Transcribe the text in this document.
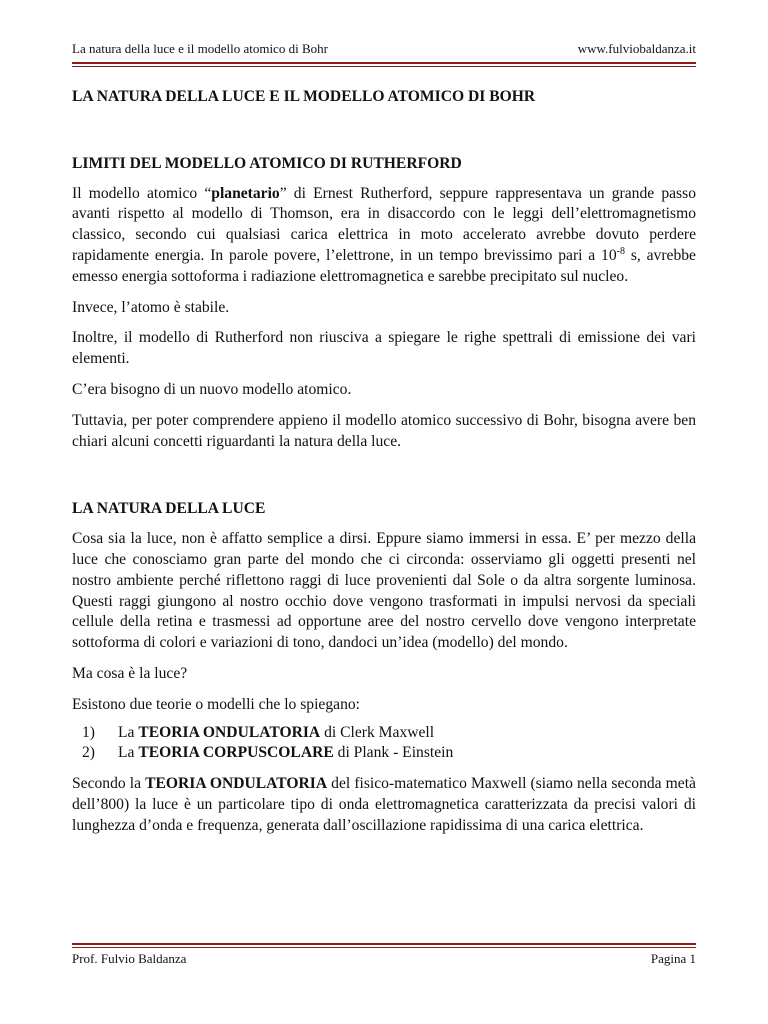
La natura della luce e il modello atomico di Bohr	www.fulviobaldanza.it

LA NATURA DELLA LUCE E IL MODELLO ATOMICO DI BOHR

LIMITI DEL MODELLO ATOMICO DI RUTHERFORD

Il modello atomico “planetario” di Ernest Rutherford, seppure rappresentava un grande passo avanti rispetto al modello di Thomson, era in disaccordo con le leggi dell’elettromagnetismo classico, secondo cui qualsiasi carica elettrica in moto accelerato avrebbe dovuto perdere rapidamente energia. In parole povere, l’elettrone, in un tempo brevissimo pari a $10^{-8}$ s, avrebbe emesso energia sottoforma i radiazione elettromagnetica e sarebbe precipitato sul nucleo.

Invece, l’atomo è stabile.

Inoltre, il modello di Rutherford non riusciva a spiegare le righe spettrali di emissione dei vari elementi.

C’era bisogno di un nuovo modello atomico.

Tuttavia, per poter comprendere appieno il modello atomico successivo di Bohr, bisogna avere ben chiari alcuni concetti riguardanti la natura della luce.

LA NATURA DELLA LUCE

Cosa sia la luce, non è affatto semplice a dirsi. Eppure siamo immersi in essa. E’ per mezzo della luce che conosciamo gran parte del mondo che ci circonda: osserviamo gli oggetti presenti nel nostro ambiente perché riflettono raggi di luce provenienti dal Sole o da altra sorgente luminosa. Questi raggi giungono al nostro occhio dove vengono trasformati in impulsi nervosi da speciali cellule della retina e trasmessi ad opportune aree del nostro cervello dove vengono interpretate sottoforma di colori e variazioni di tono, dandoci un’idea (modello) del mondo.

Ma cosa è la luce?

Esistono due teorie o modelli che lo spiegano:

1)	La TEORIA ONDULATORIA di Clerk Maxwell
2)	La TEORIA CORPUSCOLARE di Plank - Einstein

Secondo la TEORIA ONDULATORIA del fisico-matematico Maxwell (siamo nella seconda metà dell’800) la luce è un particolare tipo di onda elettromagnetica caratterizzata da precisi valori di lunghezza d’onda e frequenza, generata dall’oscillazione rapidissima di una carica elettrica.

Prof. Fulvio Baldanza	Pagina 1
